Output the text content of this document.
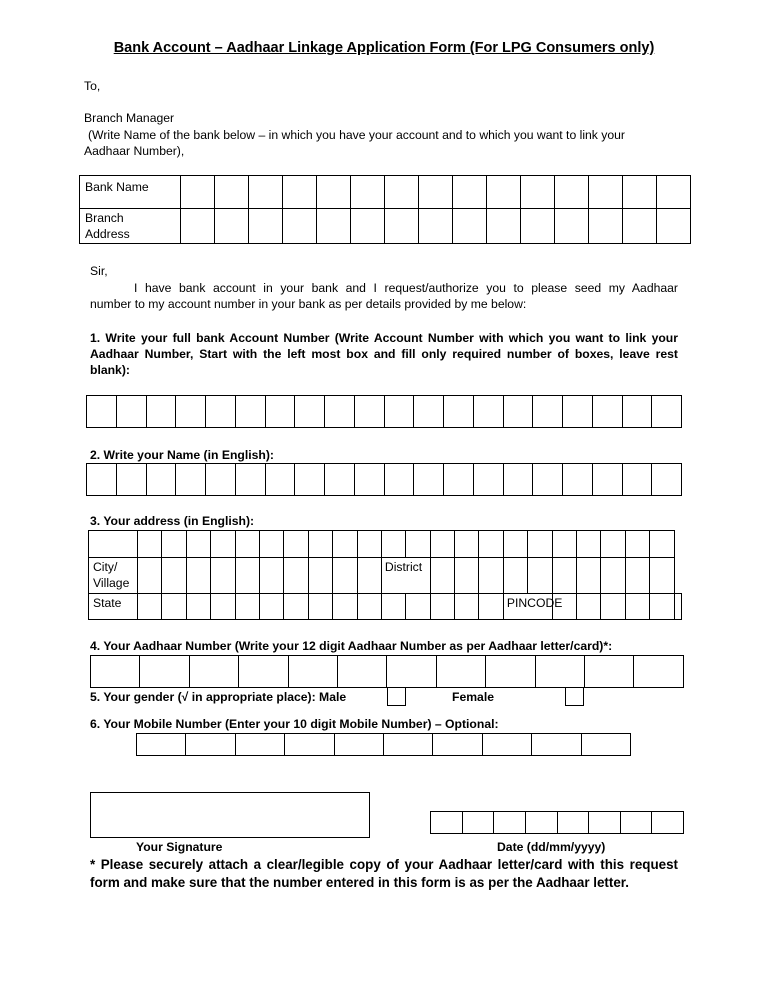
Bank Account – Aadhaar Linkage Application Form (For LPG Consumers only)
To,
Branch Manager
(Write Name of the bank below – in which you have your account and to which you want to link your
Aadhaar Number),
Bank Name															

Branch
Address															

Sir,
I have bank account in your bank and I request/authorize you to please seed my Aadhaar
number to my account number in your bank as per details provided by me below:
1. Write your full bank Account Number (Write Account Number with which you want to link your
Aadhaar Number, Start with the left most box and fill only required number of boxes, leave rest
blank):

2. Write your Name (in English):

3. Your address (in English):

City/
Village											District												
State																PINCODE							
4. Your Aadhaar Number (Write your 12 digit Aadhaar Number as per Aadhaar letter/card)*:

5. Your gender (√ in appropriate place): Male	Female
6. Your Mobile Number (Enter your 10 digit Mobile Number) – Optional:

Your Signature	Date (dd/mm/yyyy)
* Please securely attach a clear/legible copy of your Aadhaar letter/card with this request
form and make sure that the number entered in this form is as per the Aadhaar letter.
